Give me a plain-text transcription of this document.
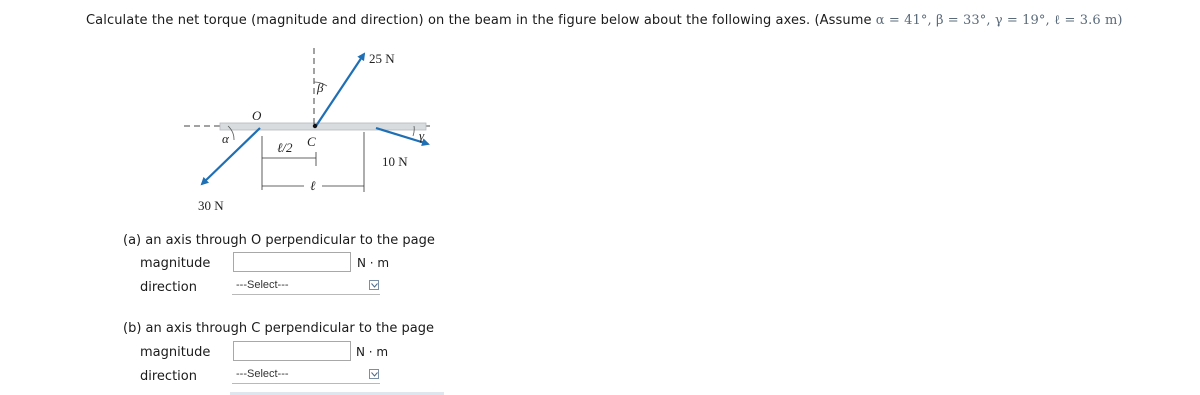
Calculate the net torque (magnitude and direction) on the beam in the figure below about the following axes. (Assume α = 41°, β = 33°, γ = 19°, ℓ = 3.6 m)
25 N
10 N
30 N
O
C
α
β
γ
ℓ/2
ℓ
(a) an axis through O perpendicular to the page
magnitude	N · m
direction	---Select---
(b) an axis through C perpendicular to the page
magnitude	N · m
direction	---Select---
